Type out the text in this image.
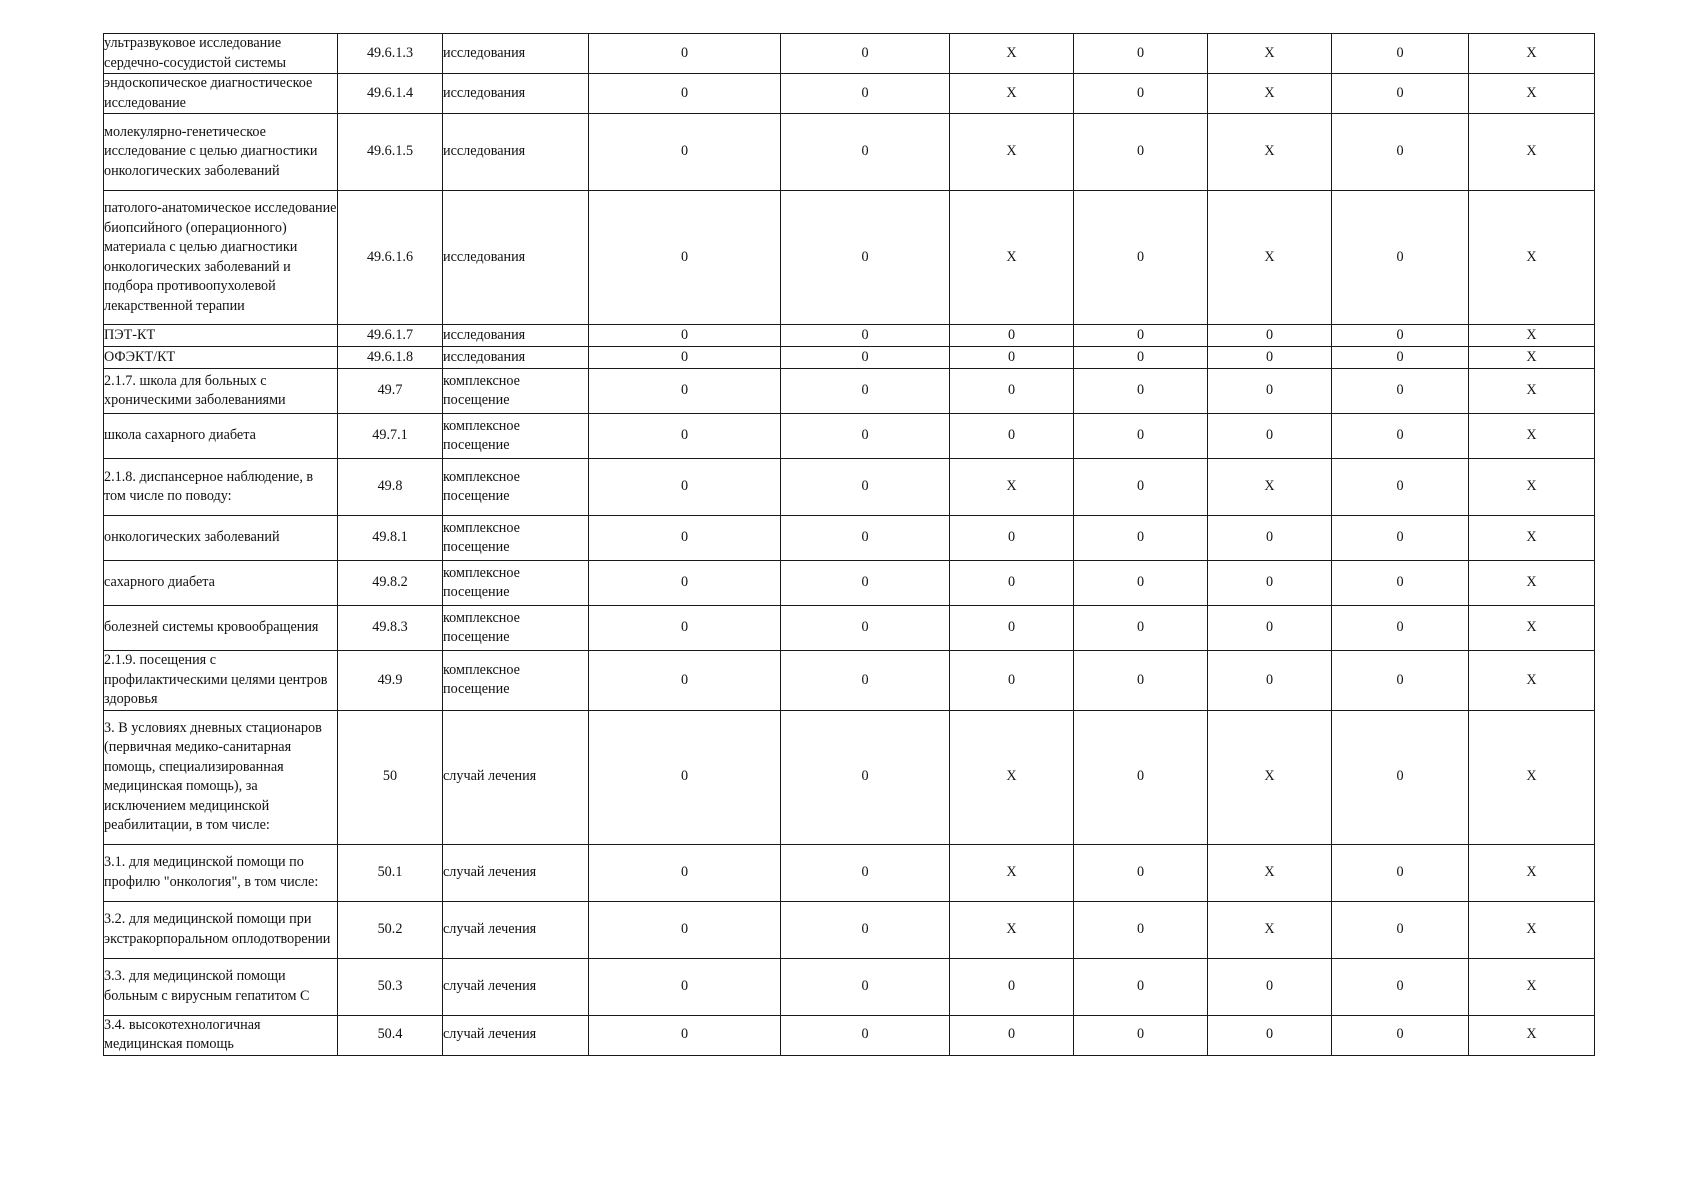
ультразвуковое исследование сердечно-сосудистой системы	49.6.1.3	исследования	0	0	X	0	X	0	X
эндоскопическое диагностическое исследование	49.6.1.4	исследования	0	0	X	0	X	0	X
молекулярно-генетическое исследование с целью диагностики онкологических заболеваний	49.6.1.5	исследования	0	0	X	0	X	0	X
патолого-анатомическое исследование биопсийного (операционного) материала с целью диагностики онкологических заболеваний и подбора противоопухолевой лекарственной терапии	49.6.1.6	исследования	0	0	X	0	X	0	X
ПЭТ-КТ	49.6.1.7	исследования	0	0	0	0	0	0	X
ОФЭКТ/КТ	49.6.1.8	исследования	0	0	0	0	0	0	X
2.1.7. школа для больных с хроническими заболеваниями	49.7	комплексное посещение	0	0	0	0	0	0	X
школа сахарного диабета	49.7.1	комплексное посещение	0	0	0	0	0	0	X
2.1.8. диспансерное наблюдение, в том числе по поводу:	49.8	комплексное посещение	0	0	X	0	X	0	X
онкологических заболеваний	49.8.1	комплексное посещение	0	0	0	0	0	0	X
сахарного диабета	49.8.2	комплексное посещение	0	0	0	0	0	0	X
болезней системы кровообращения	49.8.3	комплексное посещение	0	0	0	0	0	0	X
2.1.9. посещения с профилактическими целями центров здоровья	49.9	комплексное посещение	0	0	0	0	0	0	X
3. В условиях дневных стационаров (первичная медико-санитарная помощь, специализированная медицинская помощь), за исключением медицинской реабилитации, в том числе:	50	случай лечения	0	0	X	0	X	0	X
3.1. для медицинской помощи по профилю "онкология", в том числе:	50.1	случай лечения	0	0	X	0	X	0	X
3.2. для медицинской помощи при экстракорпоральном оплодотворении	50.2	случай лечения	0	0	X	0	X	0	X
3.3. для медицинской помощи больным с вирусным гепатитом С	50.3	случай лечения	0	0	0	0	0	0	X
3.4. высокотехнологичная медицинская помощь	50.4	случай лечения	0	0	0	0	0	0	X
